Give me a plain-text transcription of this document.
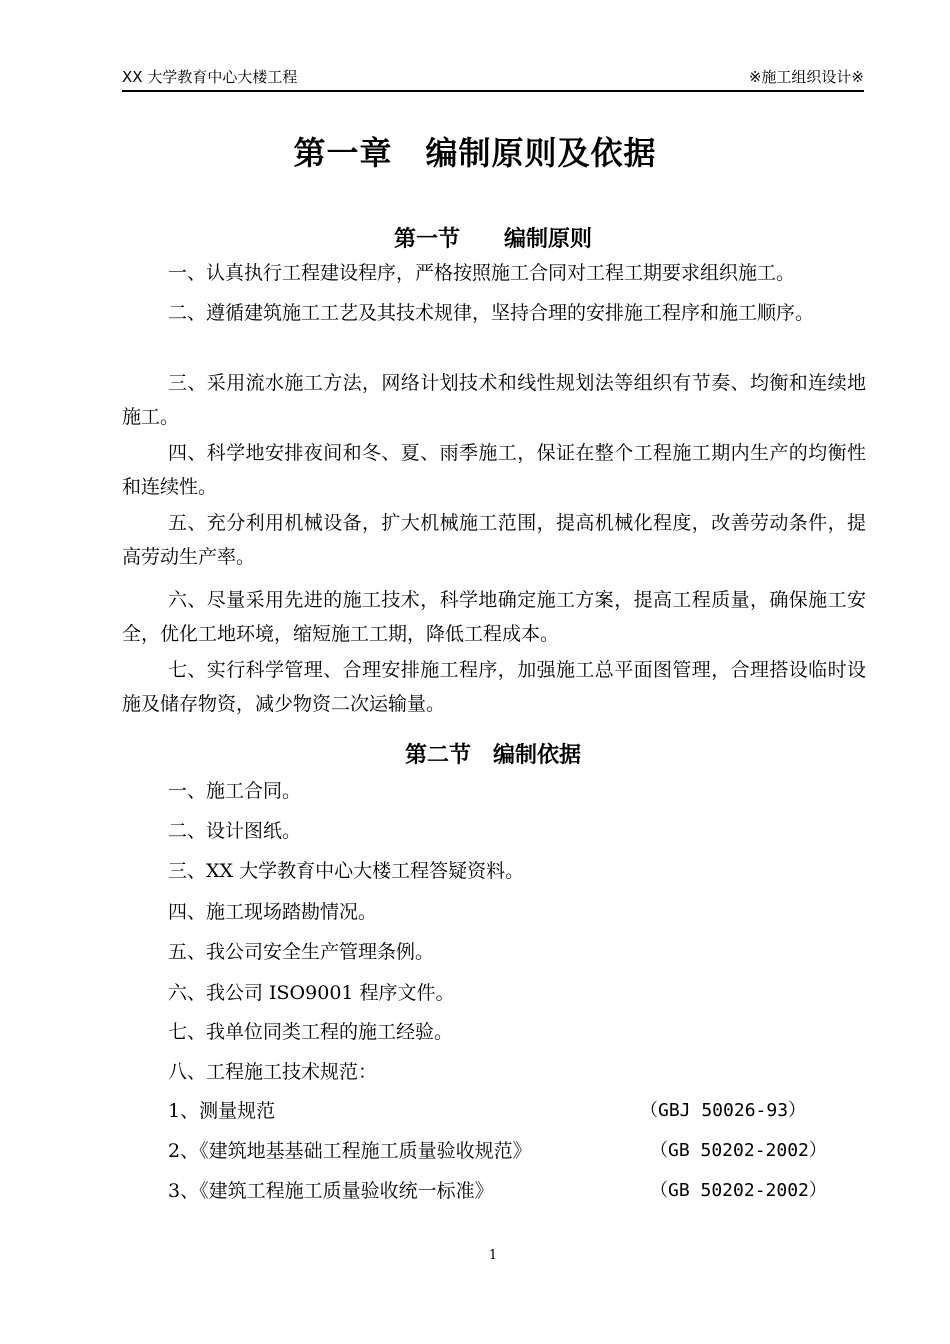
XX 大学教育中心大楼工程	※施工组织设计※
第一章　编制原则及依据
第一节　　编制原则
一、认真执行工程建设程序，严格按照施工合同对工程工期要求组织施工。
二、遵循建筑施工工艺及其技术规律，坚持合理的安排施工程序和施工顺序。
三、采用流水施工方法，网络计划技术和线性规划法等组织有节奏、均衡和连续地施工。
四、科学地安排夜间和冬、夏、雨季施工，保证在整个工程施工期内生产的均衡性和连续性。
五、充分利用机械设备，扩大机械施工范围，提高机械化程度，改善劳动条件，提高劳动生产率。
六、尽量采用先进的施工技术，科学地确定施工方案，提高工程质量，确保施工安全，优化工地环境，缩短施工工期，降低工程成本。
七、实行科学管理、合理安排施工程序，加强施工总平面图管理，合理搭设临时设施及储存物资，减少物资二次运输量。
第二节　编制依据
一、施工合同。
二、设计图纸。
三、XX 大学教育中心大楼工程答疑资料。
四、施工现场踏勘情况。
五、我公司安全生产管理条例。
六、我公司 ISO9001 程序文件。
七、我单位同类工程的施工经验。
八、工程施工技术规范：
1、测量规范	（GBJ 50026-93）
2、《建筑地基基础工程施工质量验收规范》	（GB 50202-2002）
3、《建筑工程施工质量验收统一标准》	（GB 50202-2002）
1
